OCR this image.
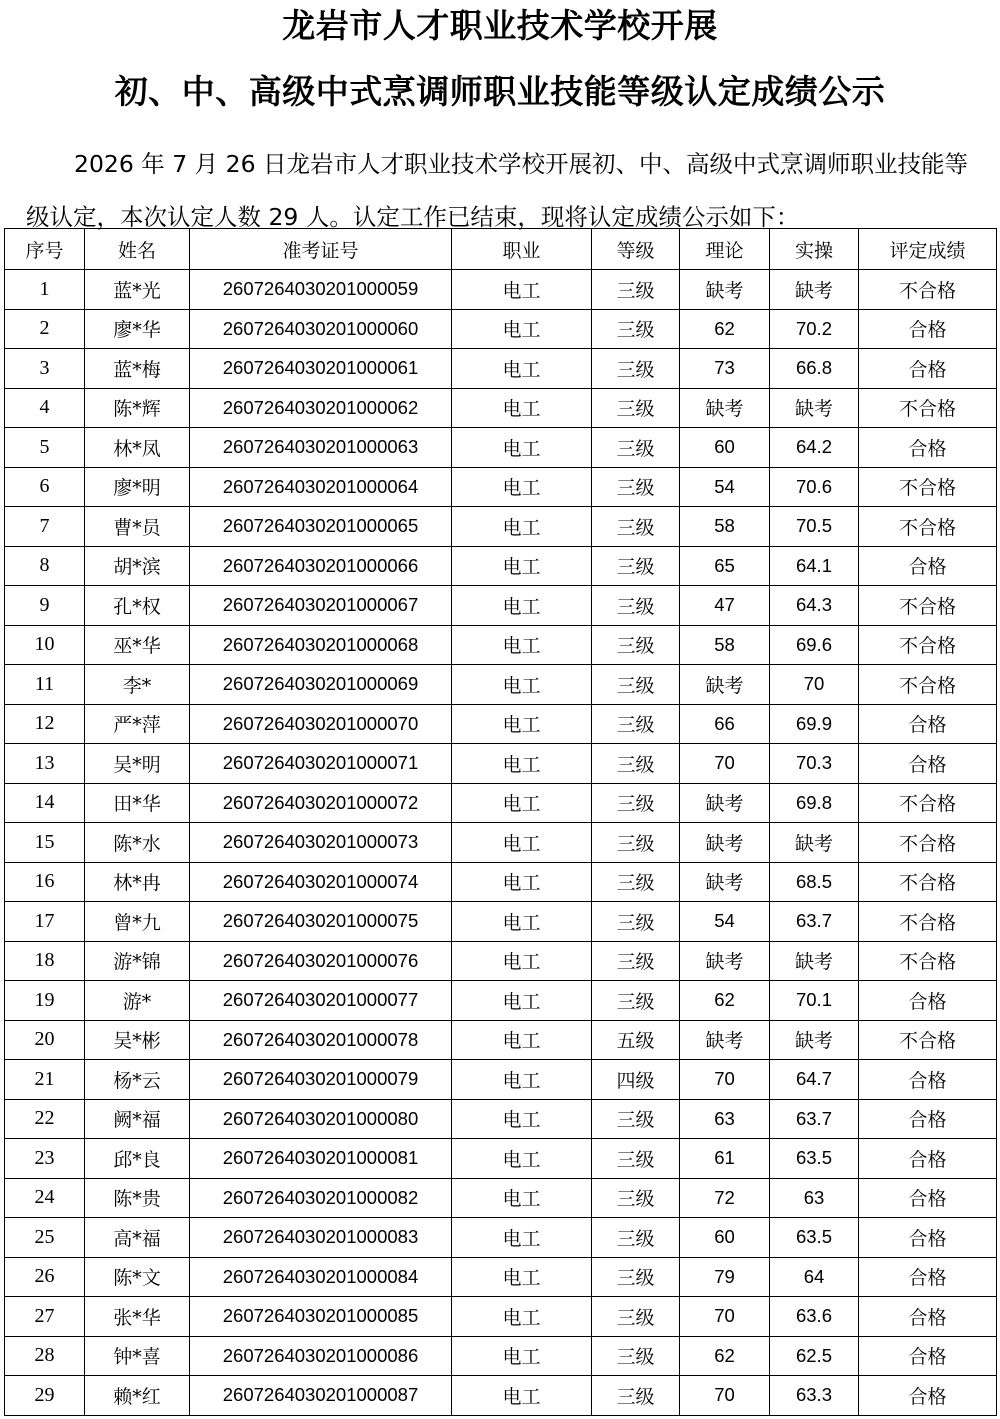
龙岩市人才职业技术学校开展
初、中、高级中式烹调师职业技能等级认定成绩公示

2026 年 7 月 26 日龙岩市人才职业技术学校开展初、中、高级中式烹调师职业技能等级认定，本次认定人数 29 人。认定工作已结束，现将认定成绩公示如下：

序号	姓名	准考证号	职业	等级	理论	实操	评定成绩
1	蓝*光	2607264030201000059	电工	三级	缺考	缺考	不合格
2	廖*华	2607264030201000060	电工	三级	62	70.2	合格
3	蓝*梅	2607264030201000061	电工	三级	73	66.8	合格
4	陈*辉	2607264030201000062	电工	三级	缺考	缺考	不合格
5	林*凤	2607264030201000063	电工	三级	60	64.2	合格
6	廖*明	2607264030201000064	电工	三级	54	70.6	不合格
7	曹*员	2607264030201000065	电工	三级	58	70.5	不合格
8	胡*滨	2607264030201000066	电工	三级	65	64.1	合格
9	孔*权	2607264030201000067	电工	三级	47	64.3	不合格
10	巫*华	2607264030201000068	电工	三级	58	69.6	不合格
11	李*	2607264030201000069	电工	三级	缺考	70	不合格
12	严*萍	2607264030201000070	电工	三级	66	69.9	合格
13	吴*明	2607264030201000071	电工	三级	70	70.3	合格
14	田*华	2607264030201000072	电工	三级	缺考	69.8	不合格
15	陈*水	2607264030201000073	电工	三级	缺考	缺考	不合格
16	林*冉	2607264030201000074	电工	三级	缺考	68.5	不合格
17	曾*九	2607264030201000075	电工	三级	54	63.7	不合格
18	游*锦	2607264030201000076	电工	三级	缺考	缺考	不合格
19	游*	2607264030201000077	电工	三级	62	70.1	合格
20	吴*彬	2607264030201000078	电工	五级	缺考	缺考	不合格
21	杨*云	2607264030201000079	电工	四级	70	64.7	合格
22	阙*福	2607264030201000080	电工	三级	63	63.7	合格
23	邱*良	2607264030201000081	电工	三级	61	63.5	合格
24	陈*贵	2607264030201000082	电工	三级	72	63	合格
25	高*福	2607264030201000083	电工	三级	60	63.5	合格
26	陈*文	2607264030201000084	电工	三级	79	64	合格
27	张*华	2607264030201000085	电工	三级	70	63.6	合格
28	钟*喜	2607264030201000086	电工	三级	62	62.5	合格
29	赖*红	2607264030201000087	电工	三级	70	63.3	合格
